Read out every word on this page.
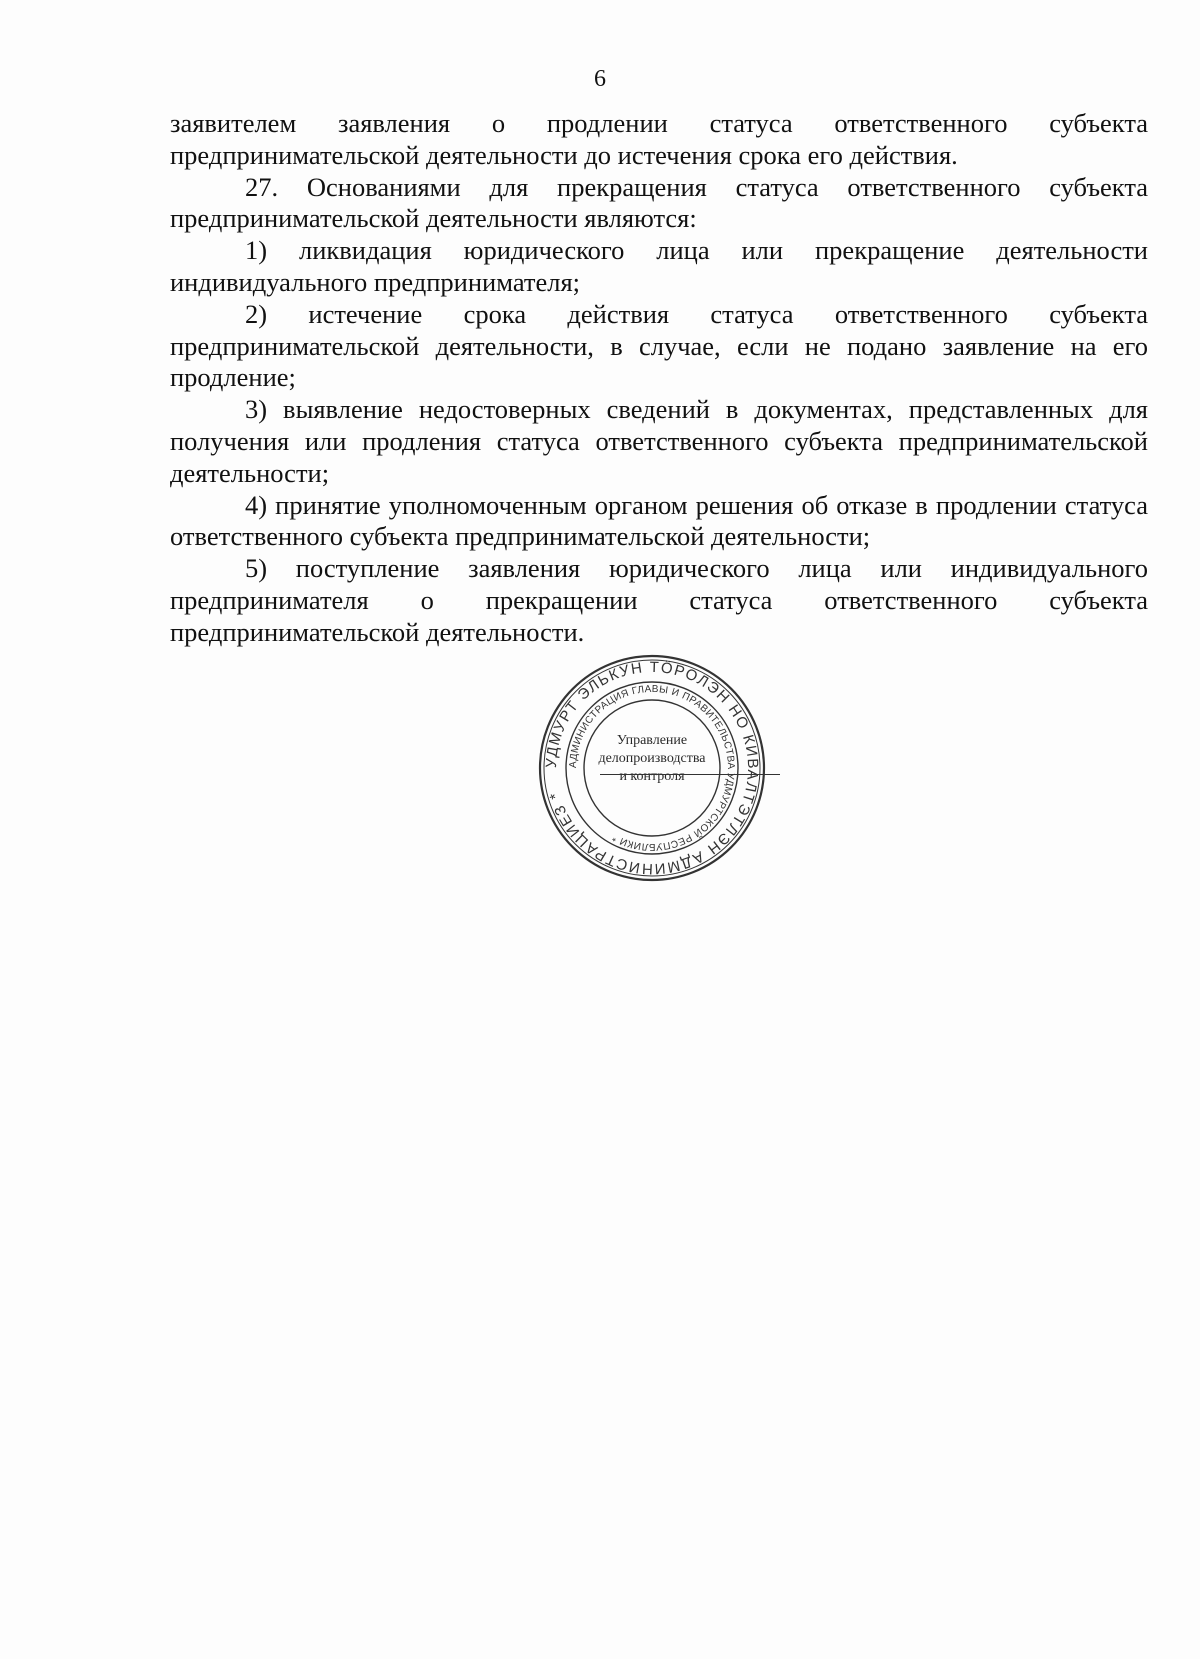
6

заявителем заявления о продлении статуса ответственного субъекта предпринимательской деятельности до истечения срока его действия.

27. Основаниями для прекращения статуса ответственного субъекта предпринимательской деятельности являются:

1) ликвидация юридического лица или прекращение деятельности индивидуального предпринимателя;

2) истечение срока действия статуса ответственного субъекта предпринимательской деятельности, в случае, если не подано заявление на его продление;

3) выявление недостоверных сведений в документах, представленных для получения или продления статуса ответственного субъекта предпринимательской деятельности;

4) принятие уполномоченным органом решения об отказе в продлении статуса ответственного субъекта предпринимательской деятельности;

5) поступление заявления юридического лица или индивидуального предпринимателя о прекращении статуса ответственного субъекта предпринимательской деятельности.

УДМУРТ ЭЛЬКУН ТӦРОЛЭН НО КИВАЛТЭТЛЭН АДМИНИСТРАЦИЕЗ *
АДМИНИСТРАЦИЯ ГЛАВЫ И ПРАВИТЕЛЬСТВА УДМУРТСКОЙ РЕСПУБЛИКИ *
Управление
делопроизводства
и контроля
